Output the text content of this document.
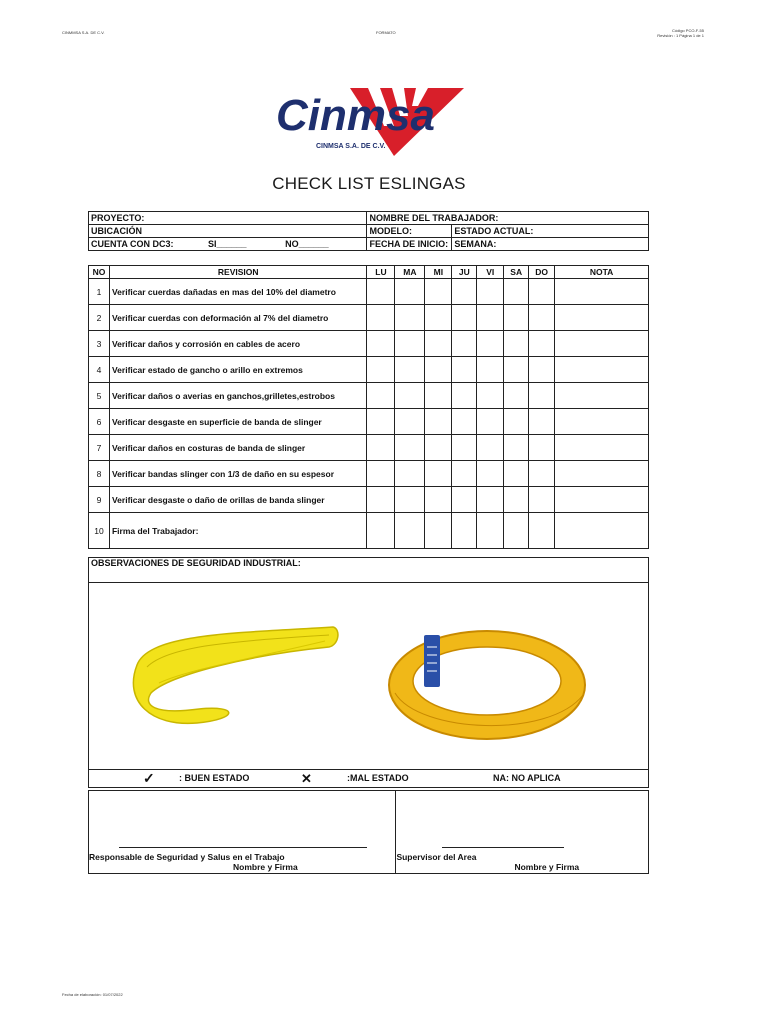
CINMMSA S.A. DE C.V.	FORMATO	Código PCO-F-55
Revisión : 1 Página 1 de 1
Cinmsa
CINMSA S.A. DE C.V.
CHECK LIST ESLINGAS
PROYECTO:	NOMBRE DEL TRABAJADOR:	
UBICACIÓN	MODELO:	ESTADO ACTUAL:
CUENTA CON DC3: SI______ NO______	FECHA DE INICIO:	SEMANA:
NO	REVISION	LU	MA	MI	JU	VI	SA	DO	NOTA
1	Verificar cuerdas dañadas en mas del 10% del diametro								
2	Verificar cuerdas con deformación al 7% del diametro								
3	Verificar daños y corrosión en cables de acero								
4	Verificar estado de gancho o arillo en extremos								
5	Verificar daños o averias en ganchos,grilletes,estrobos								
6	Verificar desgaste en superficie de banda de slinger								
7	Verificar daños en costuras de banda de slinger								
8	Verificar bandas slinger con 1/3 de daño en su espesor								
9	Verificar desgaste o daño de orillas de banda slinger								
10	Firma del Trabajador:								
OBSERVACIONES DE SEGURIDAD INDUSTRIAL:

✓	: BUEN ESTADO	✕	:MAL ESTADO	NA: NO APLICA
Responsable de Seguridad y Salus en el Trabajo
Nombre y Firma

Supervisor del Area
Nombre y Firma
Fecha de elaboración: 01/07/2022
